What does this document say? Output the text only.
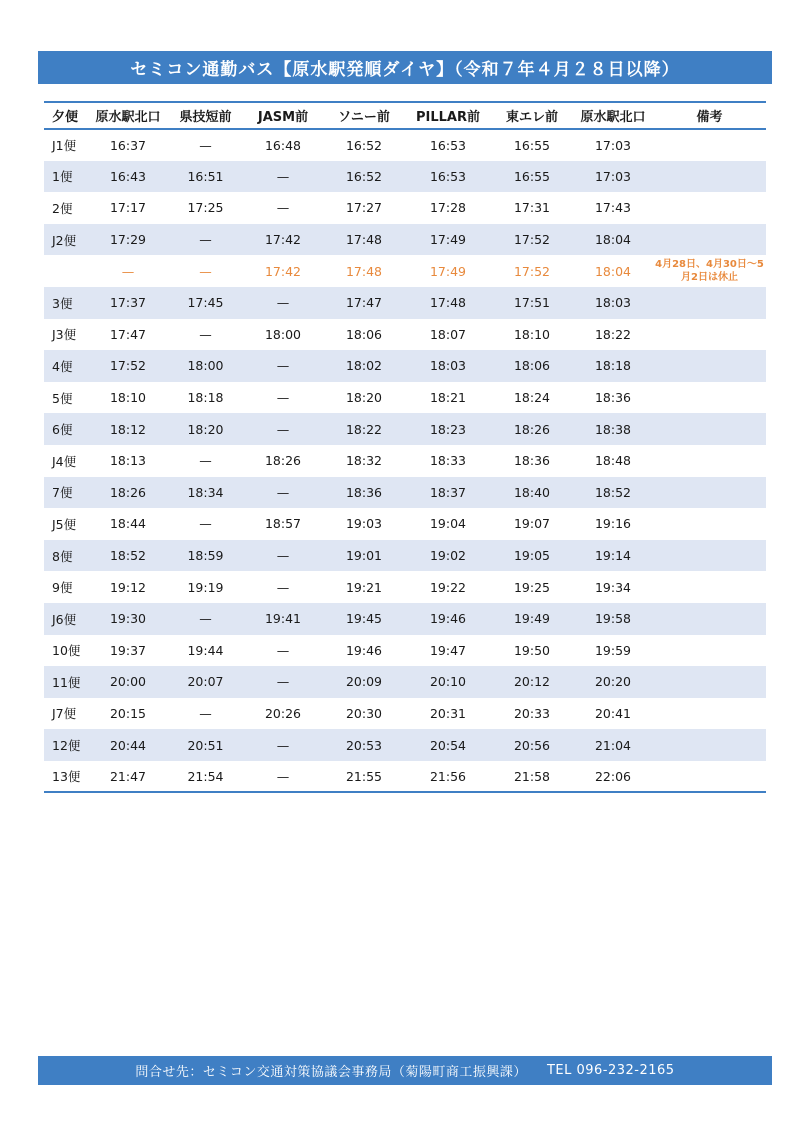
セミコン通勤バス【原水駅発順ダイヤ】（令和７年４月２８日以降）
夕便	原水駅北口	県技短前	JASM前	ソニー前	PILLAR前	東エレ前	原水駅北口	備考
J1便	16:37	—	16:48	16:52	16:53	16:55	17:03	
1便	16:43	16:51	—	16:52	16:53	16:55	17:03	
2便	17:17	17:25	—	17:27	17:28	17:31	17:43	
J2便	17:29	—	17:42	17:48	17:49	17:52	18:04	
	—	—	17:42	17:48	17:49	17:52	18:04	4月28日、4月30日～5月2日は休止
3便	17:37	17:45	—	17:47	17:48	17:51	18:03	
J3便	17:47	—	18:00	18:06	18:07	18:10	18:22	
4便	17:52	18:00	—	18:02	18:03	18:06	18:18	
5便	18:10	18:18	—	18:20	18:21	18:24	18:36	
6便	18:12	18:20	—	18:22	18:23	18:26	18:38	
J4便	18:13	—	18:26	18:32	18:33	18:36	18:48	
7便	18:26	18:34	—	18:36	18:37	18:40	18:52	
J5便	18:44	—	18:57	19:03	19:04	19:07	19:16	
8便	18:52	18:59	—	19:01	19:02	19:05	19:14	
9便	19:12	19:19	—	19:21	19:22	19:25	19:34	
J6便	19:30	—	19:41	19:45	19:46	19:49	19:58	
10便	19:37	19:44	—	19:46	19:47	19:50	19:59	
11便	20:00	20:07	—	20:09	20:10	20:12	20:20	
J7便	20:15	—	20:26	20:30	20:31	20:33	20:41	
12便	20:44	20:51	—	20:53	20:54	20:56	21:04	
13便	21:47	21:54	—	21:55	21:56	21:58	22:06	
問合せ先：セミコン交通対策協議会事務局（菊陽町商工振興課） TEL 096-232-2165
